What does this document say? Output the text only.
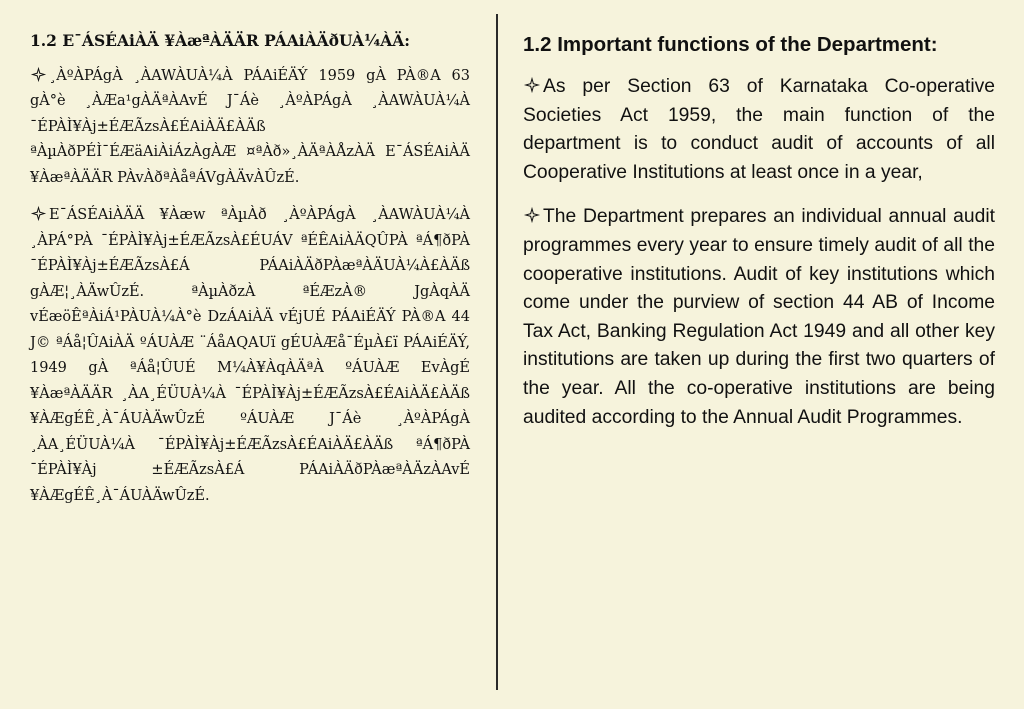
1.2 E¯ÁSÉAiÀÄ ¥ÀæªÀÄÄR PÁAiÀÄðUÀ¼ÀÄ:

¸ÀºÀPÁgÀ ¸ÀAWÀUÀ¼À PÁAiÉÄÝ 1959 gÀ PÀ®A 63 gÀ°è ¸ÀÆa¹gÀÄªÀAvÉ J¯Áè ¸ÀºÀPÁgÀ ¸ÀAWÀUÀ¼À ¯ÉPÀÌ¥Àj±ÉÆÃzsÀ£ÉAiÀÄ£ÀÄß ªÀµÀðPÉÌ¯ÉÆäAiÀiÁzÀgÀÆ ¤ªÀð»¸ÀÄªÀÅzÀÄ E¯ÁSÉAiÀÄ ¥ÀæªÀÄÄR PÀvÀðªÀåªÁVgÀÄvÀÛzÉ.

E¯ÁSÉAiÀÄÄ ¥Àæw ªÀµÀð ¸ÀºÀPÁgÀ ¸ÀAWÀUÀ¼À ¸ÀPÁ°PÀ ¯ÉPÀÌ¥Àj±ÉÆÃzsÀ£ÉUÁV ªÉÊAiÀÄQÛPÀ ªÁ¶ðPÀ ¯ÉPÀÌ¥Àj±ÉÆÃzsÀ£Á PÁAiÀÄðPÀæªÀÄUÀ¼À£ÀÄß gÀÆ¦¸ÀÄwÛzÉ. ªÀµÀðzÀ ªÉÆzÀ® JgÀqÀÄ vÉæöÊªÀiÁ¹PÀUÀ¼À°è DzÁAiÀÄ vÉjUÉ PÁAiÉÄÝ PÀ®A 44 J© ªÁå¦ÛAiÀÄ ºÁUÀÆ ¨ÁåAQAUï gÉUÀÆå¯ÉµÀ£ï PÁAiÉÄÝ, 1949 gÀ ªÁå¦ÛUÉ M¼À¥ÀqÀÄªÀ ºÁUÀÆ EvÀgÉ ¥ÀæªÀÄÄR ¸ÀA¸ÉÜUÀ¼À ¯ÉPÀÌ¥Àj±ÉÆÃzsÀ£ÉAiÀÄ£ÀÄß ¥ÀÆgÉÊ¸À¯ÁUÀÄwÛzÉ ºÁUÀÆ J¯Áè ¸ÀºÀPÁgÀ ¸ÀA¸ÉÜUÀ¼À ¯ÉPÀÌ¥Àj±ÉÆÃzsÀ£ÉAiÀÄ£ÀÄß ªÁ¶ðPÀ ¯ÉPÀÌ¥Àj ±ÉÆÃzsÀ£Á PÁAiÀÄðPÀæªÀÄzÀAvÉ ¥ÀÆgÉÊ¸À¯ÁUÀÄwÛzÉ.

1.2 Important functions of the Department:

As per Section 63 of Karnataka Co-operative Societies Act 1959, the main function of the department is to conduct audit of accounts of all Cooperative Institutions at least once in a year,

The Department prepares an individual annual audit programmes every year to ensure timely audit of all the cooperative institutions. Audit of key institutions which come under the purview of section 44 AB of Income Tax Act, Banking Regulation Act 1949 and all other key institutions are taken up during the first two quarters of the year. All the co-operative institutions are being audited according to the Annual Audit Programmes.
